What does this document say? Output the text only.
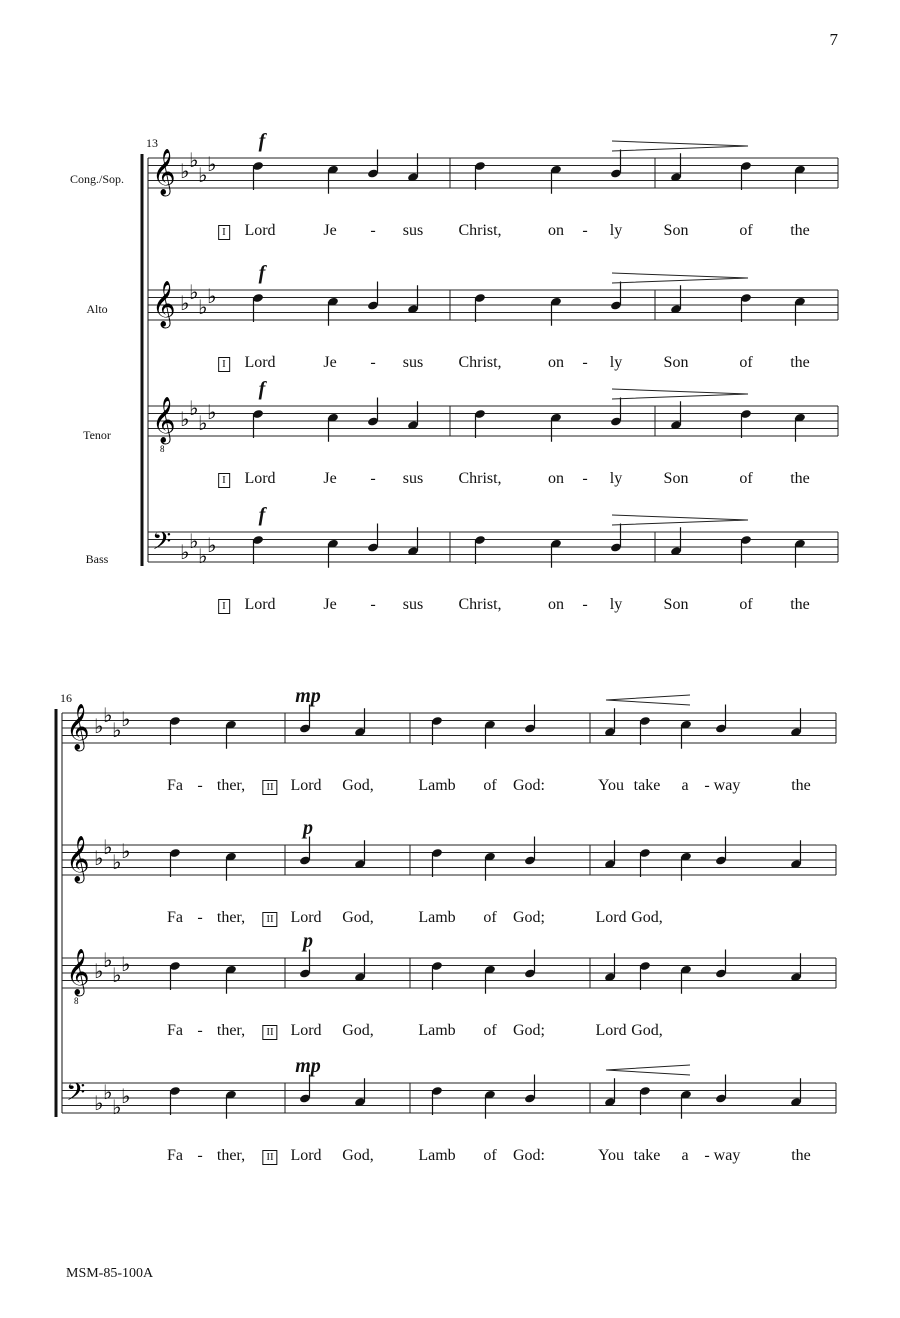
𝄞 ♭ ♭
♭ ♭
𝄞 ♭ ♭
♭ ♭
𝄞
8
♭ ♭
♭ ♭
𝄢 ♭ ♭
♭ ♭
𝄞 ♭ ♭
♭ ♭
𝄞 ♭ ♭
♭ ♭
𝄞
8
♭ ♭
♭ ♭
𝄢 ♭ ♭
♭ ♭
7
MSM-85-100A
13
Cong./Sop.
f
I Lord	Je - sus Christ,	on - ly	Son	of the
Alto
f
I Lord	Je - sus Christ,	on - ly	Son	of the
Tenor
f
I Lord	Je - sus Christ,	on - ly	Son	of the
Bass
f
I Lord	Je - sus Christ,	on - ly	Son	of the
16	mp
II
Fa - ther,	Lord God,	Lamb of God:	You take a - way	the
p
II
Fa - ther,	Lord God,	Lamb of God;	Lord God,
p
II
Fa - ther,	Lord God,	Lamb of God;	Lord God,
mp
II
Fa - ther,	Lord God,	Lamb of God:	You take a - way	the
